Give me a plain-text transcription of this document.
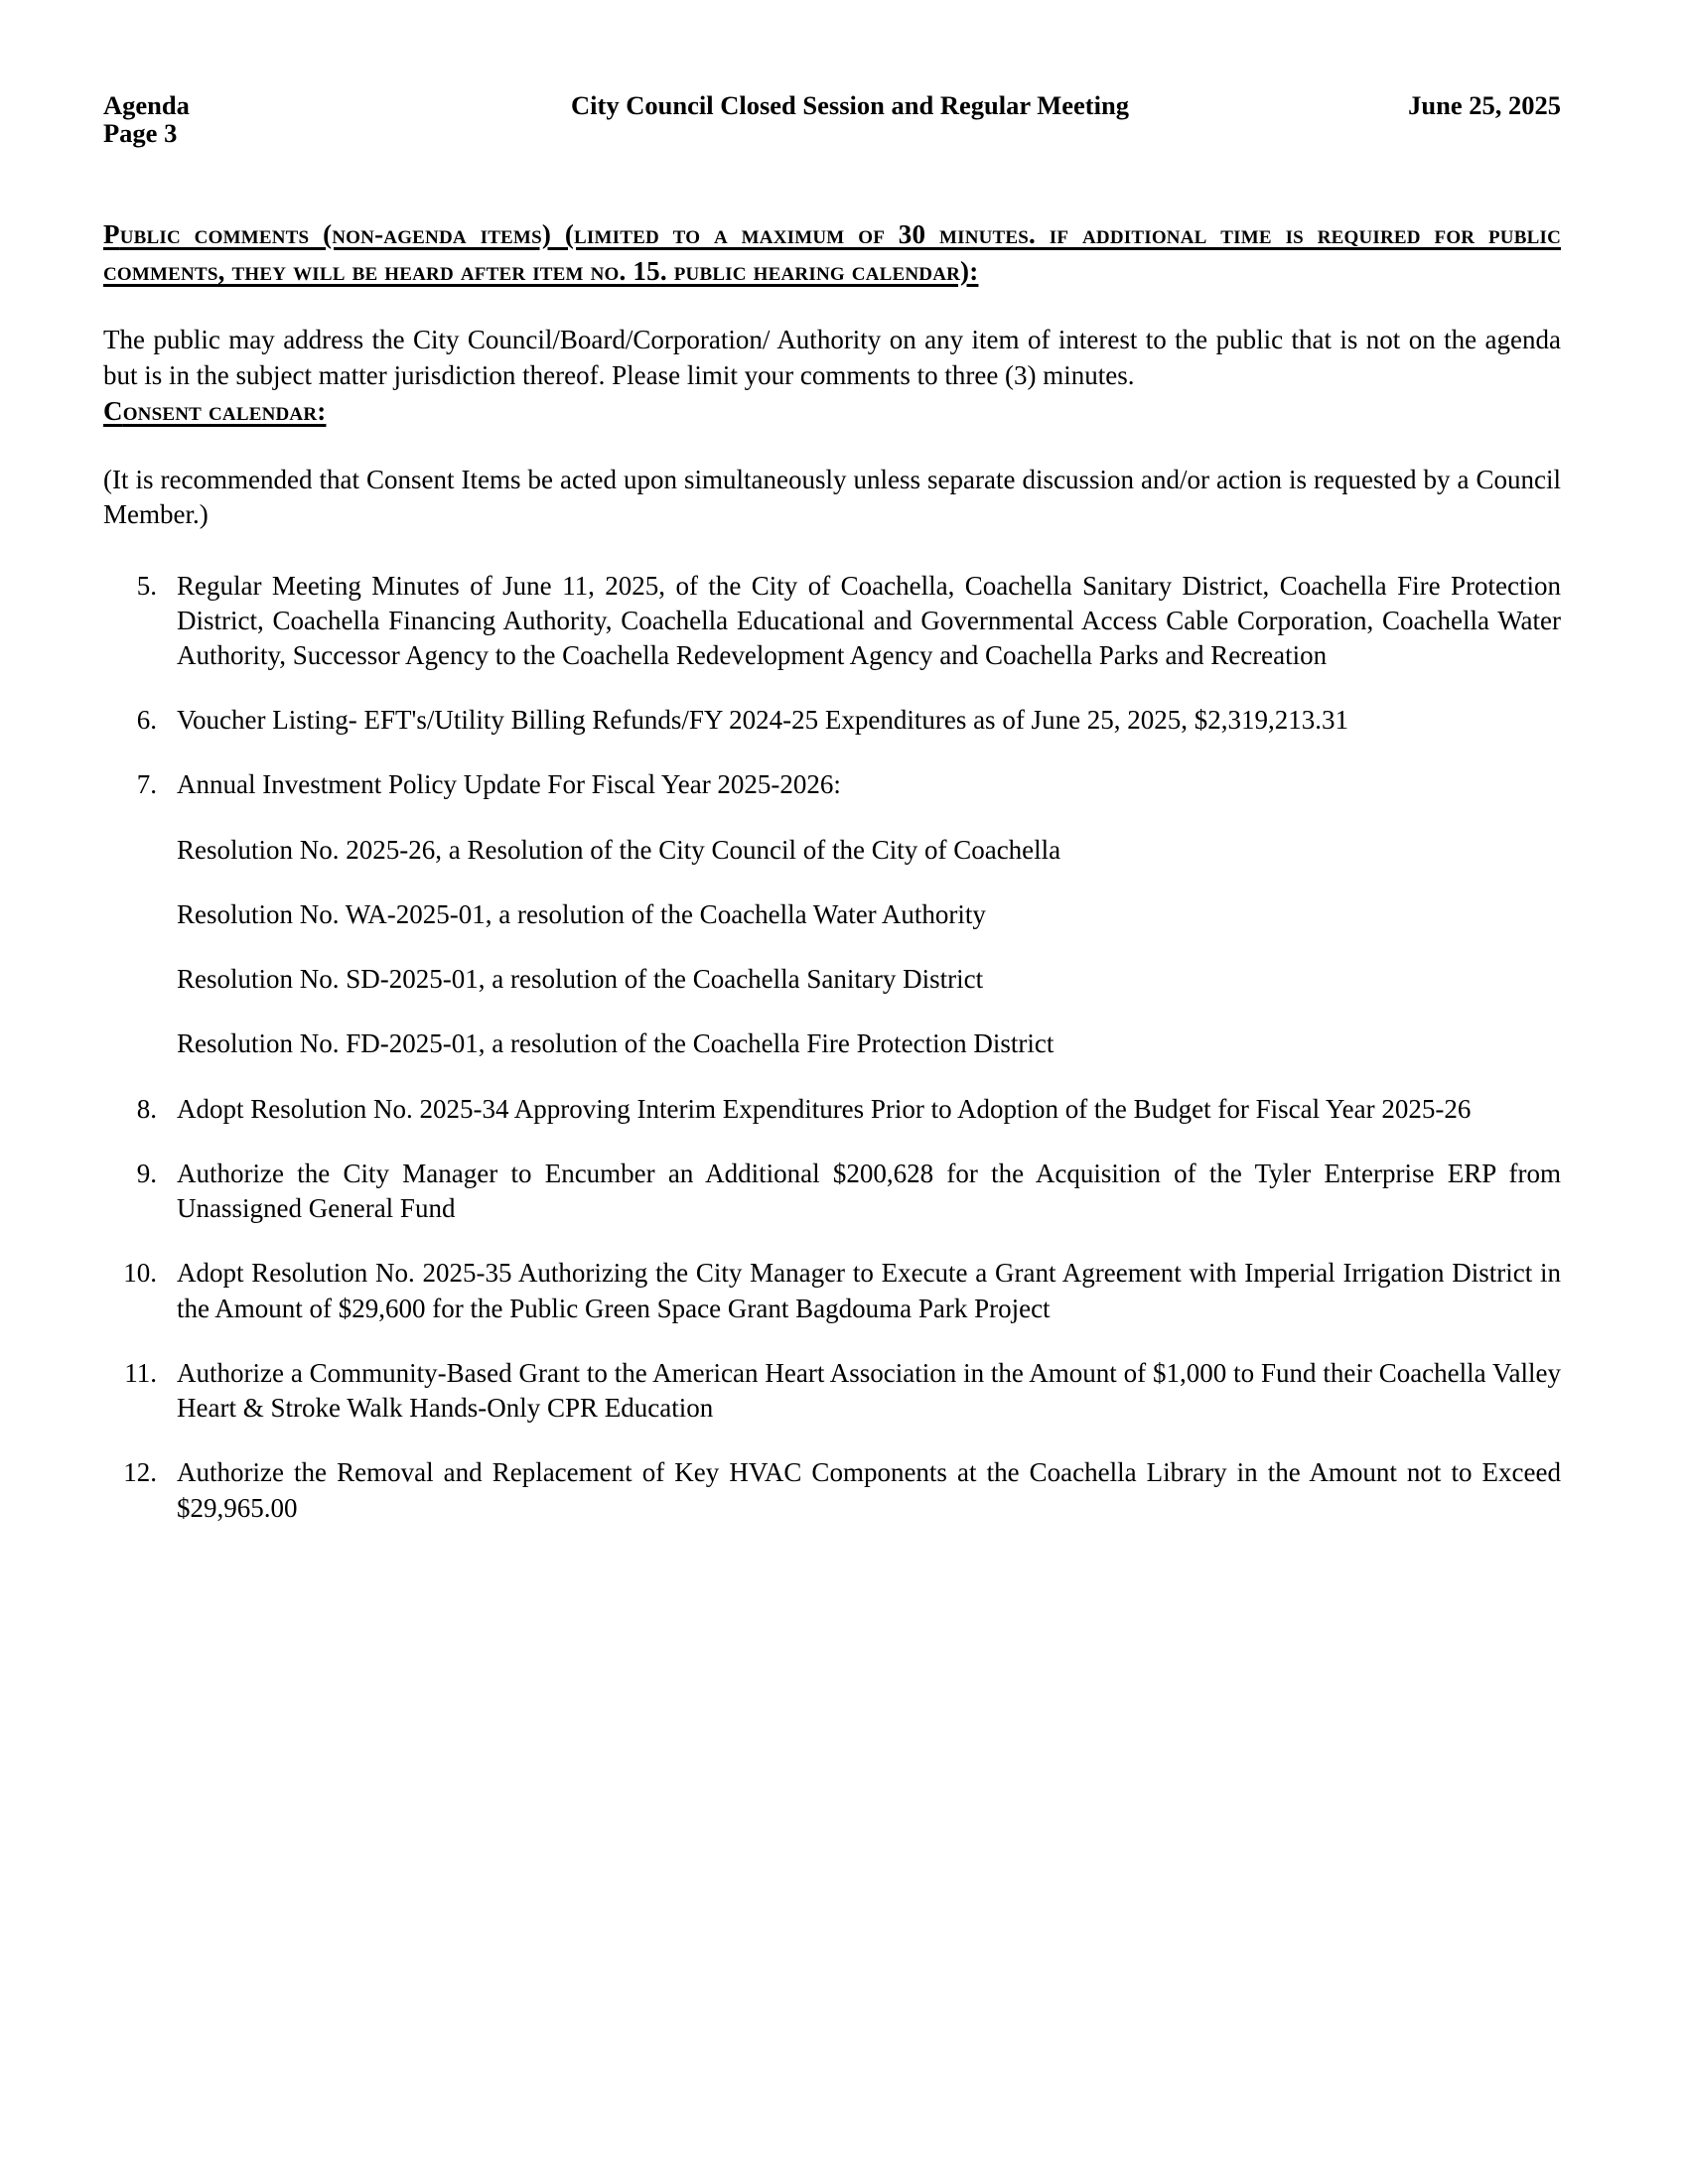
Agenda
Page 3
City Council Closed Session and Regular Meeting	June 25, 2025
Public comments (non-agenda items) (limited to a maximum of 30 minutes. if additional time is required for public comments, they will be heard after item no. 15. public hearing calendar):

The public may address the City Council/Board/Corporation/ Authority on any item of interest to the public that is not on the agenda but is in the subject matter jurisdiction thereof. Please limit your comments to three (3) minutes.

Consent calendar:

(It is recommended that Consent Items be acted upon simultaneously unless separate discussion and/or action is requested by a Council Member.)

5. Regular Meeting Minutes of June 11, 2025, of the City of Coachella, Coachella Sanitary District, Coachella Fire Protection District, Coachella Financing Authority, Coachella Educational and Governmental Access Cable Corporation, Coachella Water Authority, Successor Agency to the Coachella Redevelopment Agency and Coachella Parks and Recreation
6. Voucher Listing- EFT's/Utility Billing Refunds/FY 2024-25 Expenditures as of June 25, 2025, $2,319,213.31
7. Annual Investment Policy Update For Fiscal Year 2025-2026:
Resolution No. 2025-26, a Resolution of the City Council of the City of Coachella
Resolution No. WA-2025-01, a resolution of the Coachella Water Authority
Resolution No. SD-2025-01, a resolution of the Coachella Sanitary District
Resolution No. FD-2025-01, a resolution of the Coachella Fire Protection District
8. Adopt Resolution No. 2025-34 Approving Interim Expenditures Prior to Adoption of the Budget for Fiscal Year 2025-26
9. Authorize the City Manager to Encumber an Additional $200,628 for the Acquisition of the Tyler Enterprise ERP from Unassigned General Fund
10. Adopt Resolution No. 2025-35 Authorizing the City Manager to Execute a Grant Agreement with Imperial Irrigation District in the Amount of $29,600 for the Public Green Space Grant Bagdouma Park Project
11. Authorize a Community-Based Grant to the American Heart Association in the Amount of $1,000 to Fund their Coachella Valley Heart & Stroke Walk Hands-Only CPR Education
12. Authorize the Removal and Replacement of Key HVAC Components at the Coachella Library in the Amount not to Exceed $29,965.00
